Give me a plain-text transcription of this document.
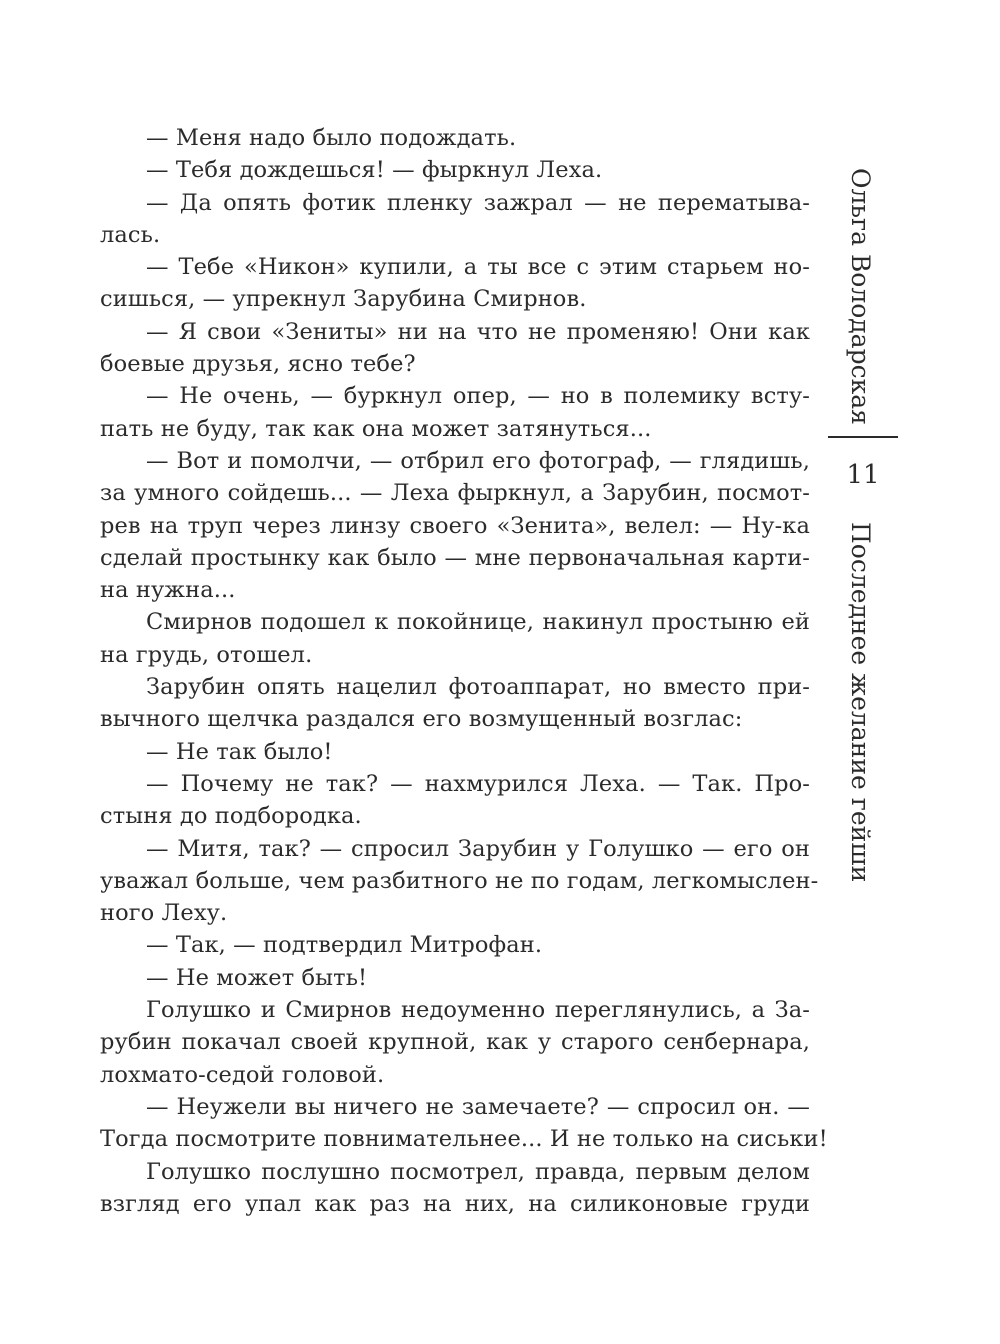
— Меня надо было подождать.
— Тебя дождешься! — фыркнул Леха.
— Да опять фотик пленку зажрал — не перематыва-
лась.
— Тебе «Никон» купили, а ты все с этим старьем но-
сишься, — упрекнул Зарубина Смирнов.
— Я свои «Зениты» ни на что не променяю! Они как
боевые друзья, ясно тебе?
— Не очень, — буркнул опер, — но в полемику всту-
пать не буду, так как она может затянуться...
— Вот и помолчи, — отбрил его фотограф, — глядишь,
за умного сойдешь... — Леха фыркнул, а Зарубин, посмот-
рев на труп через линзу своего «Зенита», велел: — Ну-ка
сделай простынку как было — мне первоначальная карти-
на нужна...
Смирнов подошел к покойнице, накинул простыню ей
на грудь, отошел.
Зарубин опять нацелил фотоаппарат, но вместо при-
вычного щелчка раздался его возмущенный возглас:
— Не так было!
— Почему не так? — нахмурился Леха. — Так. Про-
стыня до подбородка.
— Митя, так? — спросил Зарубин у Голушко — его он
уважал больше, чем разбитного не по годам, легкомыслен-
ного Леху.
— Так, — подтвердил Митрофан.
— Не может быть!
Голушко и Смирнов недоуменно переглянулись, а За-
рубин покачал своей крупной, как у старого сенбернара,
лохмато-седой головой.
— Неужели вы ничего не замечаете? — спросил он. —
Тогда посмотрите повнимательнее... И не только на сиськи!
Голушко послушно посмотрел, правда, первым делом
взгляд его упал как раз на них, на силиконовые груди
Ольга Володарская
11
Последнее желание гейши
